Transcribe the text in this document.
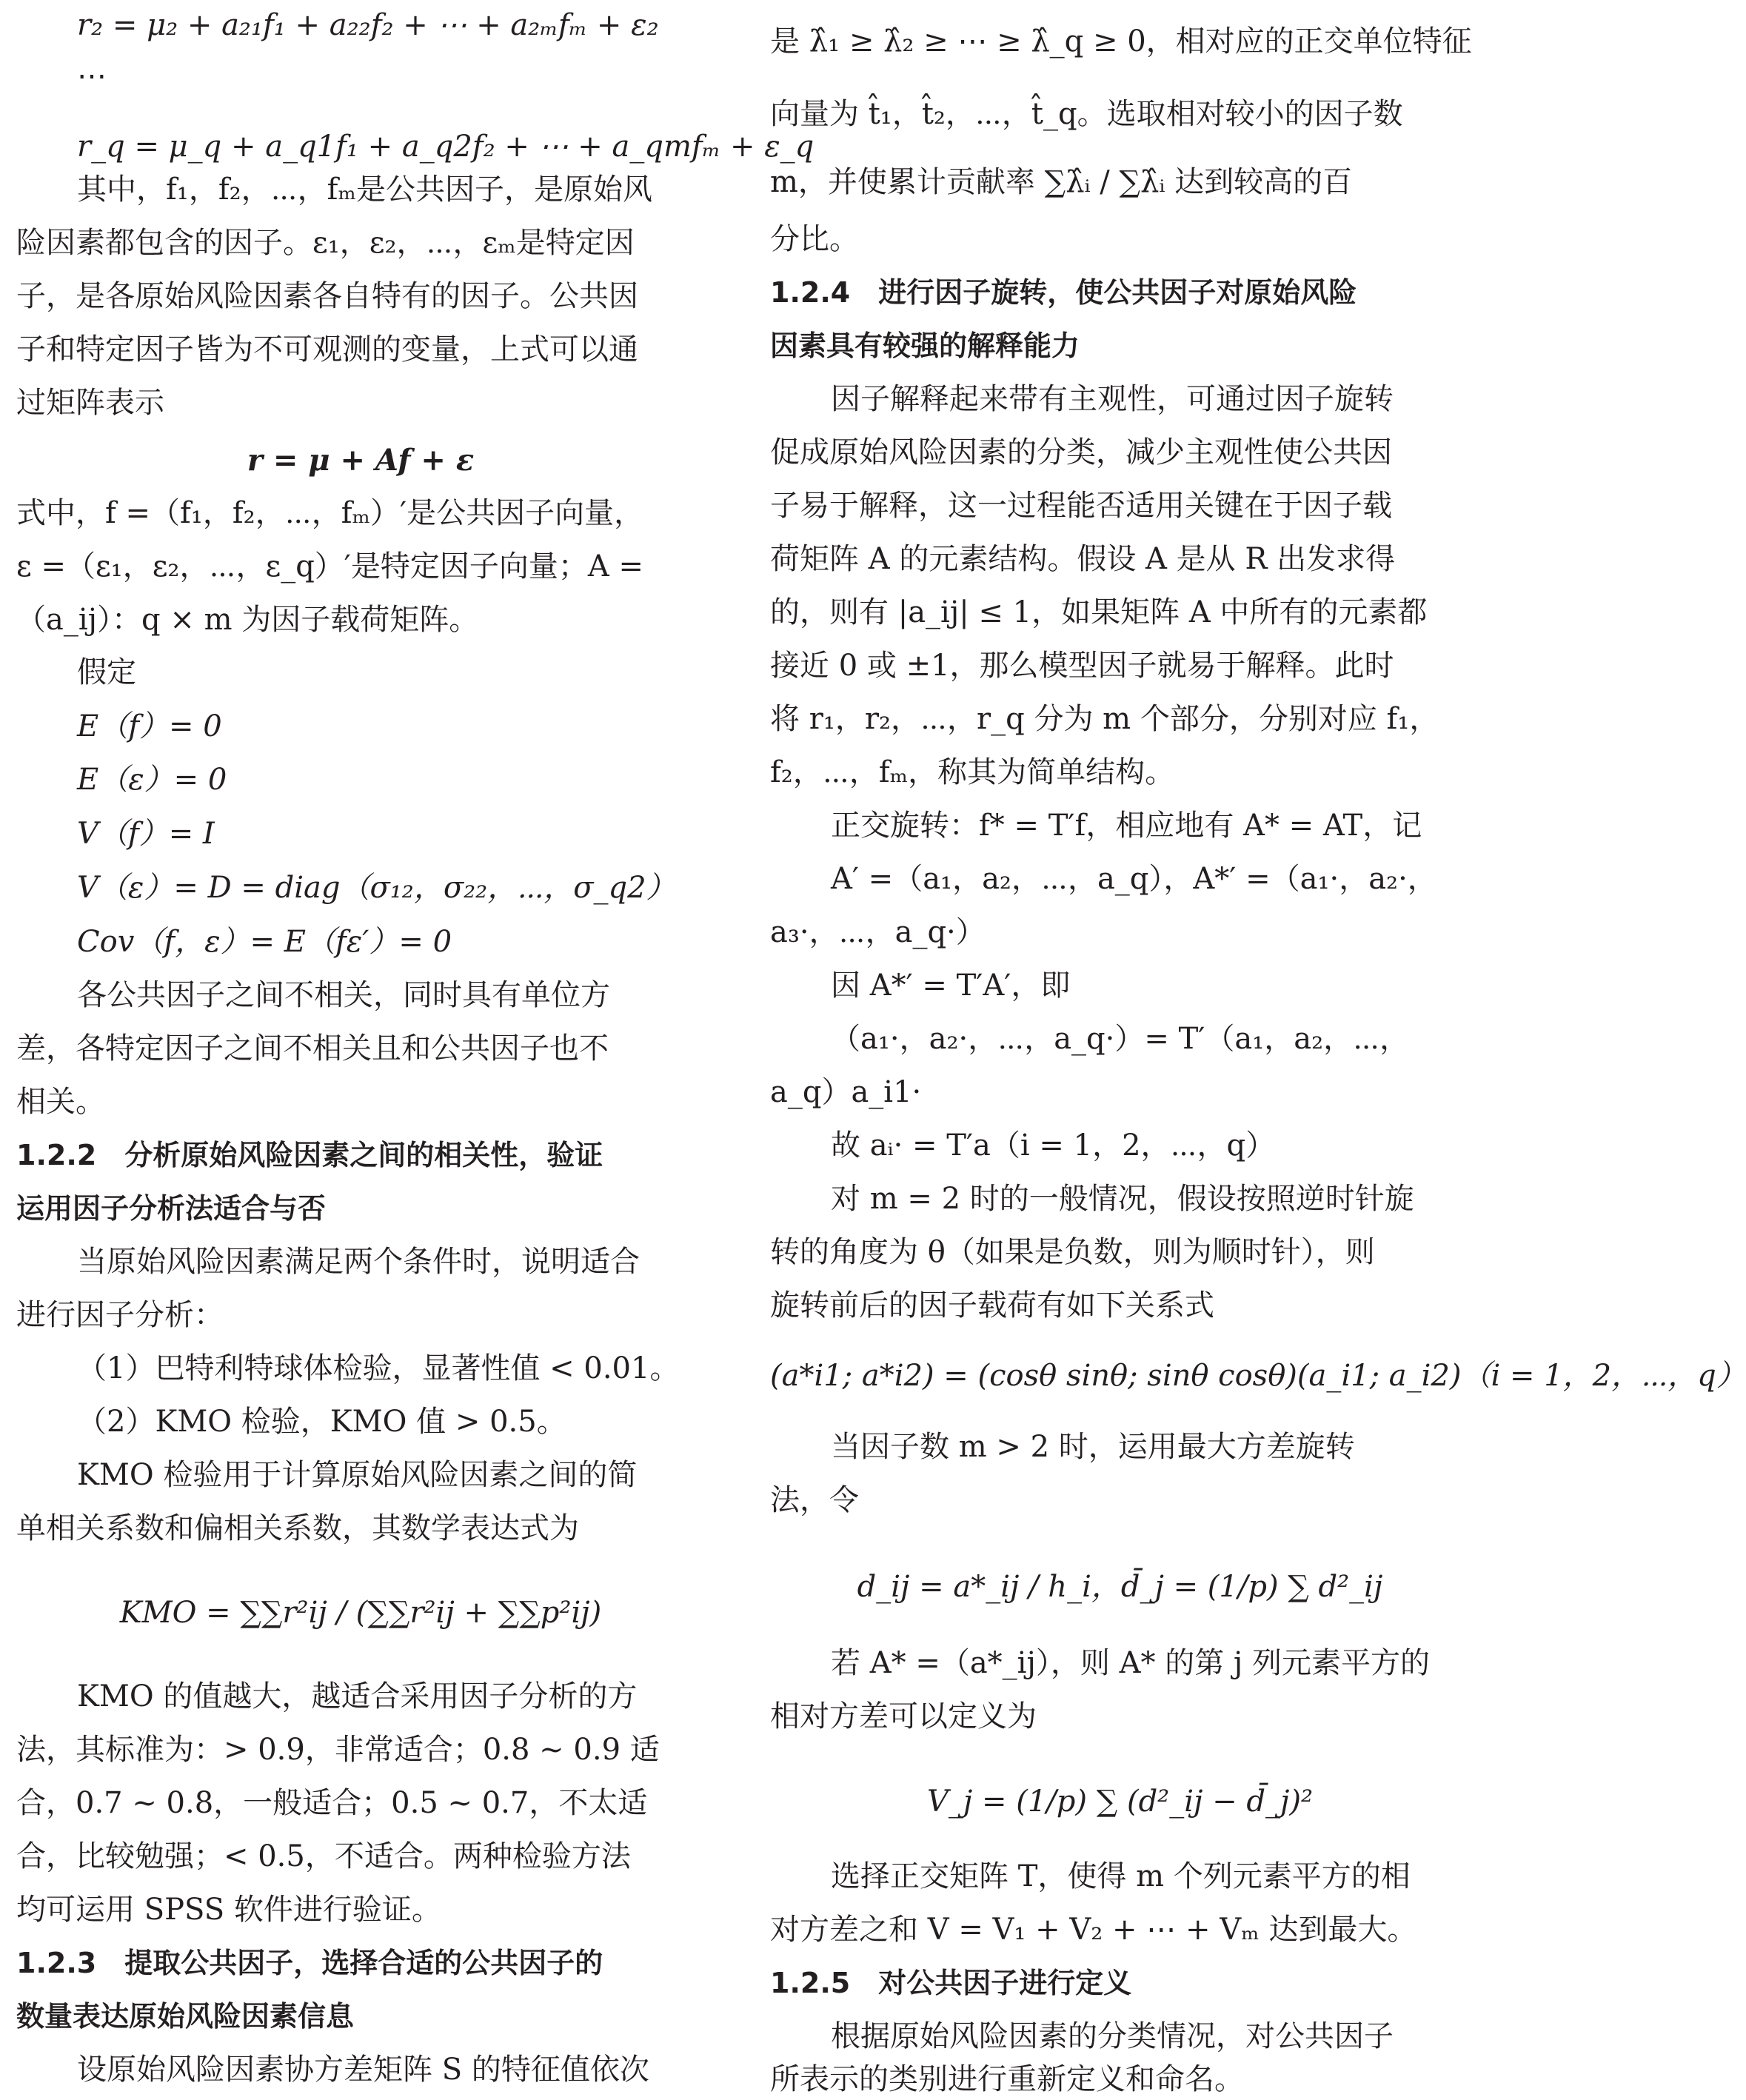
r₂ = μ₂ + a₂₁f₁ + a₂₂f₂ + ⋯ + a₂ₘfₘ + ε₂
⋯
r_q = μ_q + a_q1f₁ + a_q2f₂ + ⋯ + a_qmfₘ + ε_q
其中，f₁，f₂，⋯，fₘ是公共因子，是原始风
险因素都包含的因子。ε₁，ε₂，⋯，εₘ是特定因
子，是各原始风险因素各自特有的因子。公共因
子和特定因子皆为不可观测的变量，上式可以通
过矩阵表示
r = μ + Af + ε
式中，f =（f₁，f₂，⋯，fₘ）′是公共因子向量，
ε =（ε₁，ε₂，⋯，ε_q）′是特定因子向量；A =
（a_ij）：q × m 为因子载荷矩阵。
假定
E（f）= 0
E（ε）= 0
V（f）= I
V（ε）= D = diag（σ₁₂，σ₂₂，⋯，σ_q2）
Cov（f，ε）= E（fε′）= 0
各公共因子之间不相关，同时具有单位方
差，各特定因子之间不相关且和公共因子也不
相关。
1.2.2　分析原始风险因素之间的相关性，验证
运用因子分析法适合与否
当原始风险因素满足两个条件时，说明适合
进行因子分析：
（1）巴特利特球体检验，显著性值 < 0.01。
（2）KMO 检验，KMO 值 > 0.5。
KMO 检验用于计算原始风险因素之间的简
单相关系数和偏相关系数，其数学表达式为
KMO = ∑∑r²ij / (∑∑r²ij + ∑∑p²ij)
KMO 的值越大，越适合采用因子分析的方
法，其标准为：> 0.9，非常适合；0.8 ~ 0.9 适
合，0.7 ~ 0.8，一般适合；0.5 ~ 0.7，不太适
合，比较勉强；< 0.5，不适合。两种检验方法
均可运用 SPSS 软件进行验证。
1.2.3　提取公共因子，选择合适的公共因子的
数量表达原始风险因素信息
设原始风险因素协方差矩阵 S 的特征值依次
是 λ̂₁ ≥ λ̂₂ ≥ ⋯ ≥ λ̂_q ≥ 0，相对应的正交单位特征
向量为 t̂₁，t̂₂，⋯，t̂_q。选取相对较小的因子数
m，并使累计贡献率 ∑λ̂ᵢ / ∑λ̂ᵢ 达到较高的百
分比。
1.2.4　进行因子旋转，使公共因子对原始风险
因素具有较强的解释能力
因子解释起来带有主观性，可通过因子旋转
促成原始风险因素的分类，减少主观性使公共因
子易于解释，这一过程能否适用关键在于因子载
荷矩阵 A 的元素结构。假设 A 是从 R 出发求得
的，则有 |a_ij| ≤ 1，如果矩阵 A 中所有的元素都
接近 0 或 ±1，那么模型因子就易于解释。此时
将 r₁，r₂，⋯，r_q 分为 m 个部分，分别对应 f₁，
f₂，⋯，fₘ，称其为简单结构。
正交旋转：f* = T′f，相应地有 A* = AT，记
A′ =（a₁，a₂，⋯，a_q），A*′ =（a₁·，a₂·，
a₃·，⋯，a_q·）
因 A*′ = T′A′，即
（a₁·，a₂·，⋯，a_q·）= T′（a₁，a₂，⋯，
a_q）a_i1·
故 aᵢ· = T′a（i = 1，2，⋯，q）
对 m = 2 时的一般情况，假设按照逆时针旋
转的角度为 θ（如果是负数，则为顺时针），则
旋转前后的因子载荷有如下关系式
(a*i1; a*i2) = (cosθ sinθ; sinθ cosθ)(a_i1; a_i2)（i = 1，2，⋯，q）
当因子数 m > 2 时，运用最大方差旋转
法，令
d_ij = a*_ij / h_i，d̄_j = (1/p) ∑ d²_ij
若 A* =（a*_ij），则 A* 的第 j 列元素平方的
相对方差可以定义为
V_j = (1/p) ∑ (d²_ij − d̄_j)²
选择正交矩阵 T，使得 m 个列元素平方的相
对方差之和 V = V₁ + V₂ + ⋯ + Vₘ 达到最大。
1.2.5　对公共因子进行定义
根据原始风险因素的分类情况，对公共因子
所表示的类别进行重新定义和命名。
